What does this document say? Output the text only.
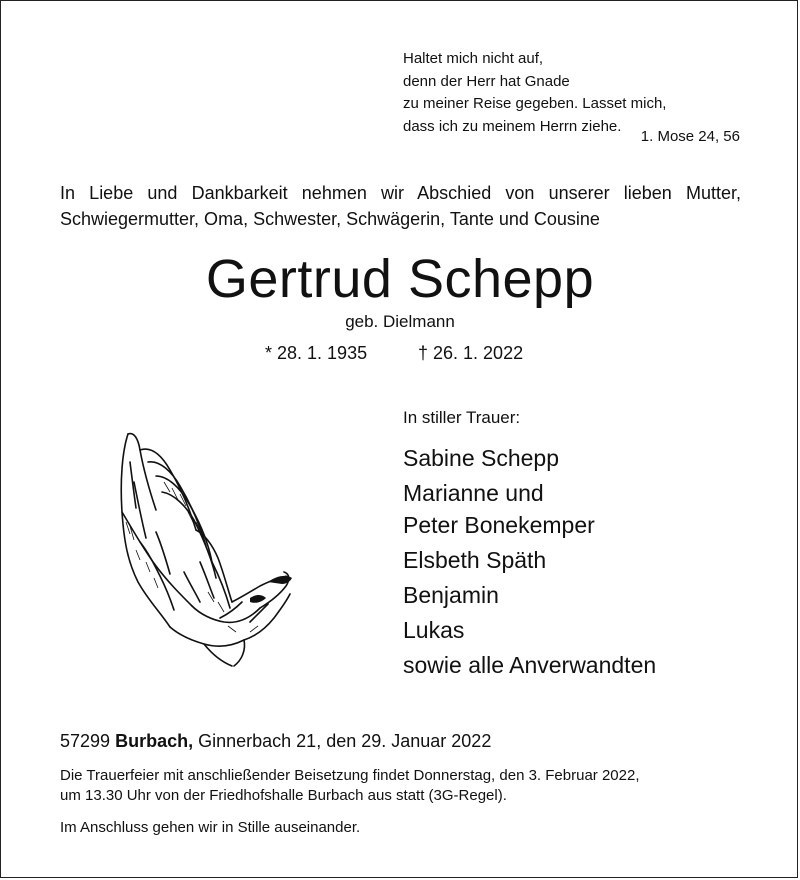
Haltet mich nicht auf,
denn der Herr hat Gnade
zu meiner Reise gegeben. Lasset mich,
dass ich zu meinem Herrn ziehe.
1. Mose 24, 56
In Liebe und Dankbarkeit nehmen wir Abschied von unserer lieben Mutter, Schwiegermutter, Oma, Schwester, Schwägerin, Tante und Cousine
Gertrud Schepp
geb. Dielmann
* 28. 1. 1935	† 26. 1. 2022
In stiller Trauer:
Sabine Schepp
Marianne und
Peter Bonekemper
Elsbeth Späth
Benjamin
Lukas
sowie alle Anverwandten
57299 Burbach, Ginnerbach 21, den 29. Januar 2022
Die Trauerfeier mit anschließender Beisetzung findet Donnerstag, den 3. Februar 2022,
um 13.30 Uhr von der Friedhofshalle Burbach aus statt (3G-Regel).
Im Anschluss gehen wir in Stille auseinander.
